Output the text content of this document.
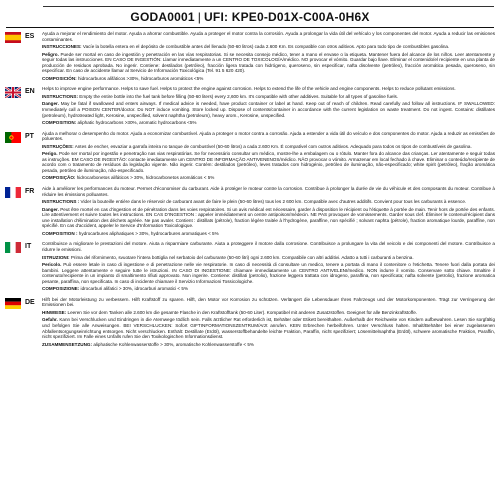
GODA0001 | UFI: KPE0-D01X-C00A-0H6X
ES	Ayuda a mejorar el rendimiento del motor. Ayuda a ahorrar combustible. Ayuda a proteger el motor contra la corrosión. Ayuda a prolongar la vida útil del vehículo y los componentes del motor. Ayuda a reducir las emisiones contaminantes.

INSTRUCCIONES: Vacíe la botella entera en el depósito de combustible antes del llenado (50-60 litros) cada 2.600 Km. Es compatible con otros aditivos. Apto para todo tipo de combustibles gasolina.

Peligro. Puede ser mortal en caso de ingestión y penetración en las vías respiratorias. Si se necesita consejo médico, tener a mano el envase o la etiqueta. Mantener fuera del alcance de los niños. Leer atentamente y seguir todas las instrucciones. EN CASO DE INGESTIÓN: Llamar inmediatamente a un CENTRO DE TOXICOLOGÍA/médico. NO provocar el vómito. Guardar bajo llave. Eliminar el contenido/el recipiente en una planta de producción de residuos aprobada. No ingerir. Contiene: destilados (petróleo), fracción ligera tratada con hidrógeno, queroseno, sin especificar, nafta disolvente (petróleo), fracción aromática pesada, queroseno, sin especificar. En caso de accidente llamar al Servicio de Información Toxicológica (Tel. 91 5 620 420).

COMPOSICIÓN: hidrocarburos alifáticos >30%, hidrocarburos aromáticos <5%

EN	Helps to improve engine performance. Helps to save fuel. Helps to protect the engine against corrosion. Helps to extend the life of the vehicle and engine components. Helps to reduce pollutant emissions.

INSTRUCTIONS: Empty the entire bottle into the fuel tank before filling (50-60 liters) every 2,600 km. It's compatible with other additives. Suitable for all types of gasoline fuels.

Danger. May be fatal if swallowed and enters airways. If medical advice is needed, have product container or label at hand. Keep out of reach of children. Read carefully and follow all instructions. IF SWALLOWED: Immediately call a POISON CENTER/doctor. Do NOT induce vomiting. Store locked up. Dispose of contents/container in accordance with the current legislation on waste treatment. Do not ingest. Contains: distillates (petroleum), hydrotreated light, Kerosine, unspecified, solvent naphtha (petroleum), heavy arom., Kerosine, unspecified.

COMPOSITION: aliphatic hydrocarbons >30%, aromatic hydrocarbons <5%

PT	Ajuda a melhorar o desempenho do motor. Ajuda a economizar combustível. Ajuda a proteger o motor contra a corrosão. Ajuda a estender a vida útil do veículo e dos componentes do motor. Ajuda a reduzir as emissões de poluentes.

INSTRUÇÕES: Antes de encher, esvaziar a garrafa inteira no tanque de combustível (50-60 litros) a cada 2.600 Km. É compatível com outros aditivos. Adequado para todos os tipos de combustíveis de gasolina.

Perigo. Pode ser mortal por ingestão e penetração nas vias respiratórias. Se for necessário consultar um médico, mostre-lhe a embalagem ou o rótulo. Manter fora do alcance das crianças. Ler atentamente e seguir todas as instruções. EM CASO DE INGESTÃO: contacte imediatamente um CENTRO DE INFORMAÇÃO ANTIVENENOS/médico. NÃO provocar o vómito. Armazenar em local fechado à chave. Eliminar o conteúdo/recipiente de acordo com o tratamento de resíduos da legislação vigente. Não ingerir. Contém: destilados (petróleo), leves tratados com hidrogénio, petróleo de iluminação, não-especificado; white spirit (petróleo), fração aromática pesada, petróleo de iluminação, não-especificado.

COMPOSIÇÃO: hidrocarbonetos alifáticos > 30%, hidrocarbonetos aromáticos < 5%

FR	Aide à améliorer les performances du moteur. Permet d'économiser du carburant. Aide à protéger le moteur contre la corrosion. Contribue à prolonger la durée de vie du véhicule et des composants du moteur. Contribue à réduire les émissions polluantes.

INSTRUCTIONS : Vider la bouteille entière dans le réservoir de carburant avant de faire le plein (50-60 litres) tous les 2 600 km. Compatible avec d'autres additifs. Convient pour tous les carburants à essence.

Danger. Peut être mortel en cas d'ingestion et de pénétration dans les voies respiratoires. Si un avis médical est nécessaire, garder à disposition le récipient ou l'étiquette à portée de main. Tenir hors de portée des enfants. Lire attentivement et suivre toutes les instructions. EN CAS D'INGESTION : appeler immédiatement un centre antipoison/médecin. NE PAS provoquer de vomissements. Garder sous clef. Éliminer le contenu/récipient dans une installation d'élimination des déchets agréée. Ne pas avaler. Contient : distillats (pétrole), fraction légère traitée à l'hydrogène, paraffine, non spécifié ; solvant naphta (pétrole), fraction aromatique lourde, paraffine, non spécifié. En cas d'accident, appeler le Service d'Information Toxicologique.

COMPOSITION : hydrocarbures aliphatiques > 30%, hydrocarbures aromatiques < 5%

IT	Contribuisce a migliorare le prestazioni del motore. Aiuta a risparmiare carburante. Aiuta a proteggere il motore dalla corrosione. Contribuisce a prolungare la vita del veicolo e dei componenti del motore. Contribuisce a ridurre le emissioni.

ISTRUZIONI: Prima del rifornimento, svuotare l'intera bottiglia nel serbatoio del carburante (50-60 litri) ogni 2.600 km. Compatibile con altri additivi. Adatto a tutti i carburanti a benzina.

Pericolo. Può essere letale in caso di ingestione e di penetrazione nelle vie respiratorie. In caso di necessità di consultare un medico, tenere a portata di mano il contenitore o l'etichetta. Tenere fuori dalla portata dei bambini. Leggere attentamente e seguire tutte le istruzioni. IN CASO DI INGESTIONE: chiamare immediatamente un CENTRO ANTIVELENI/medico. NON indurre il vomito. Conservare sotto chiave. Smaltire il contenuto/recipiente in un impianto di smaltimento rifiuti approvato. Non ingerire. Contiene: distillati (petrolio), frazione leggera trattata con idrogeno, paraffina, non specificata; nafta solvente (petrolio), frazione aromatica pesante, paraffina, non specificata. In caso di incidente chiamare il Servizio Informazioni Tossicologiche.

COMPOSIZIONE: idrocarburi alifatici > 30%, idrocarburi aromatici < 5%

DE	Hilft bei der Motorleistung zu verbessern. Hilft Kraftstoff zu sparen. Hilft, den Motor vor Korrosion zu schützen. Verlängert die Lebensdauer Ihres Fahrzeugs und der Motorkomponenten. Trägt zur Verringerung der Emissionen bei.

HINWEISE: Leeren Sie vor dem Tanken alle 2.600 km die gesamte Flasche in den Kraftstofftank (50-60 Liter). Kompatibel mit anderen Zusatzstoffen. Geeignet für alle Benzinkraftstoffe.

Gefahr. Kann bei Verschlucken und Eindringen in die Atemwege tödlich sein. Falls ärztlicher Rat erforderlich ist, Behälter oder Etikett bereithalten. Außerhalb der Reichweite von Kindern aufbewahren. Lesen Sie sorgfältig und befolgen Sie alle Anweisungen. BEI VERSCHLUCKEN: Sofort GIFTINFORMATIONSZENTRUM/Arzt anrufen. KEIN Erbrechen herbeiführen. Unter Verschluss halten. Inhalt/Behälter bei einer zugelassenen Abfallentsorgungseinrichtung entsorgen. Nicht verschlucken. Enthält: Destillate (Erdöl), wasserstoffbehandelte leichte Fraktion, Paraffin, nicht spezifiziert; Lösemittelnaphtha (Erdöl), schwere aromatische Fraktion, Paraffin, nicht spezifiziert. Im Falle eines Unfalls rufen Sie den Toxikologischen Informationsdienst.

ZUSAMMENSETZUNG: aliphatische Kohlenwasserstoffe > 30%, aromatische Kohlenwasserstoffe < 5%
